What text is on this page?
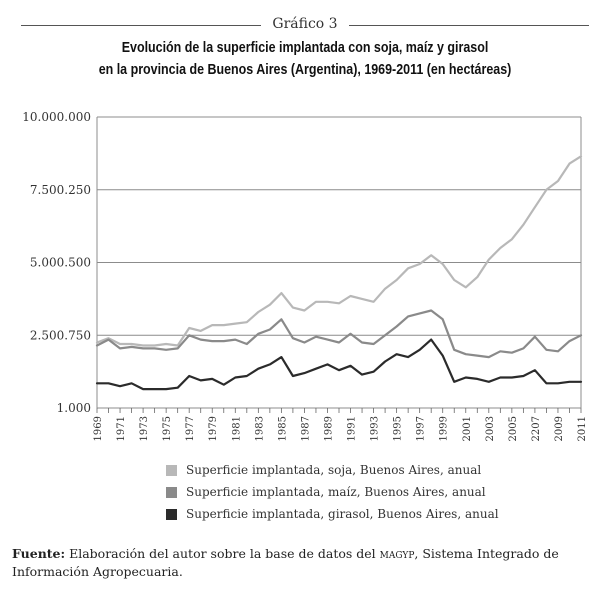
Gráfico 3
Evolución de la superficie implantada con soja, maíz y girasol
en la provincia de Buenos Aires (Argentina), 1969-2011 (en hectáreas)
1.000
2.500.750
5.000.500
7.500.250
10.000.000
1969 1971 1973 1975 1977 1979 1981 1983 1985 1987 1989 1991 1993 1995 1997 1999 2001 2003 2005 2207 2009 2011
Superficie implantada, soja, Buenos Aires, anual
Superficie implantada, maíz, Buenos Aires, anual
Superficie implantada, girasol, Buenos Aires, anual
Fuente: Elaboración del autor sobre la base de datos del magyp, Sistema Integrado de Información Agropecuaria.
